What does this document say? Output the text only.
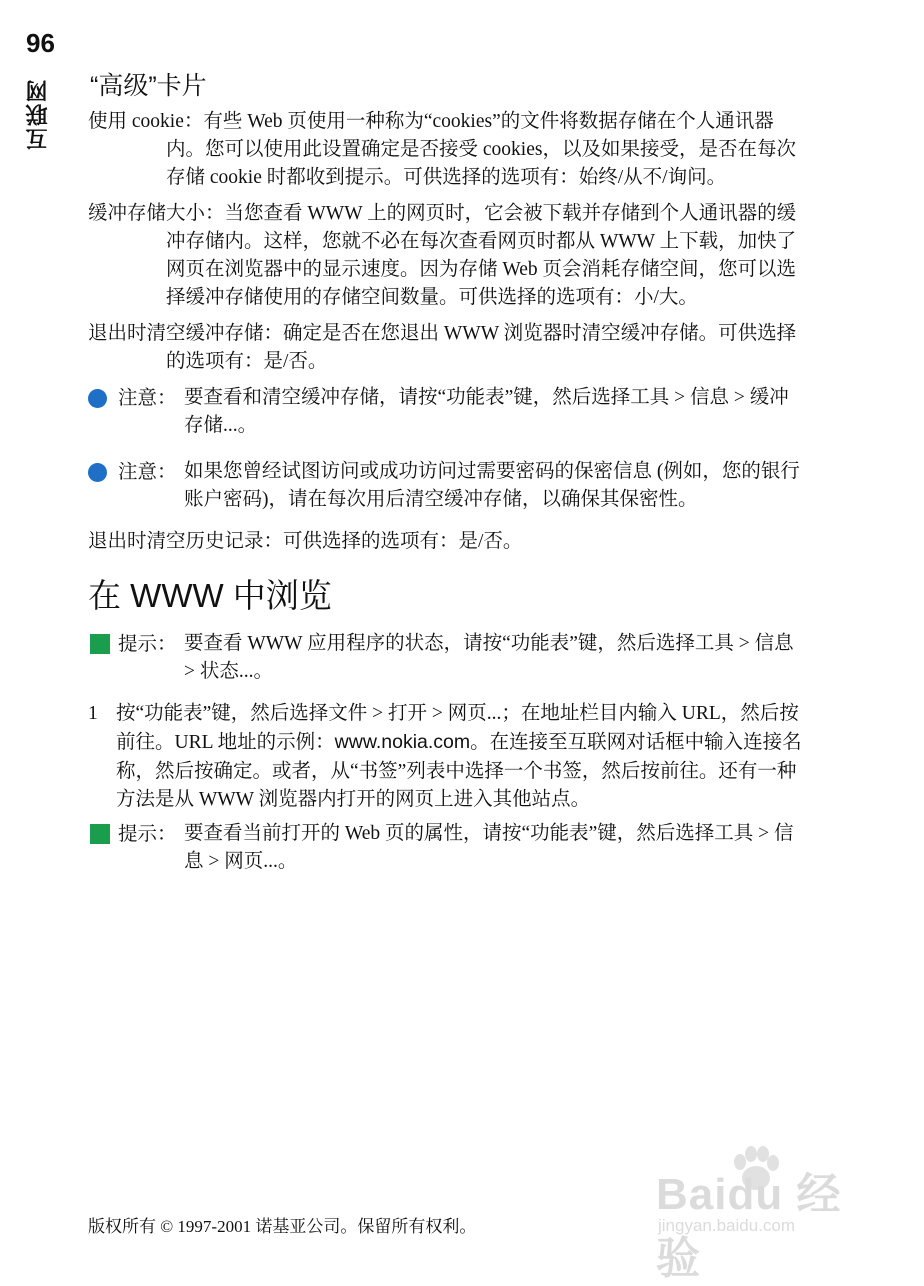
96
互联网 “高级”卡片

使用 cookie：有些 Web 页使用一种称为“cookies”的文件将数据存储在个人通讯器内。您可以使用此设置确定是否接受 cookies，以及如果接受，是否在每次存储 cookie 时都收到提示。可供选择的选项有：始终/从不/询问。

缓冲存储大小：当您查看 WWW 上的网页时，它会被下载并存储到个人通讯器的缓冲存储内。这样，您就不必在每次查看网页时都从 WWW 上下载，加快了网页在浏览器中的显示速度。因为存储 Web 页会消耗存储空间，您可以选择缓冲存储使用的存储空间数量。可供选择的选项有：小/大。

退出时清空缓冲存储：确定是否在您退出 WWW 浏览器时清空缓冲存储。可供选择的选项有：是/否。

注意 ：	要查看和清空缓冲存储，请按“功能表”键，然后选择工具 > 信息 > 缓冲存储...。
注意 ：	如果您曾经试图访问或成功访问过需要密码的保密信息 (例如，您的银行账户密码)，请在每次用后清空缓冲存储，以确保其保密性。

退出时清空历史记录：可供选择的选项有：是/否。

在 WWW 中浏览
提示 ：	要查看 WWW 应用程序的状态，请按“功能表”键，然后选择工具 > 信息 > 状态...。
1 按“功能表”键，然后选择文件 > 打开 > 网页...；在地址栏目内输入 URL，然后按前往。URL 地址的示例：www.nokia.com。在连接至互联网对话框中输入连接名称，然后按确定。或者，从“书签”列表中选择一个书签，然后按前往。还有一种方法是从 WWW 浏览器内打开的网页上进入其他站点。
提示 ：	要查看当前打开的 Web 页的属性，请按“功能表”键，然后选择工具 > 信息 > 网页...。
Baidu 经验
jingyan.baidu.com
版权所有 © 1997-2001 诺基亚公司。保留所有权利。
